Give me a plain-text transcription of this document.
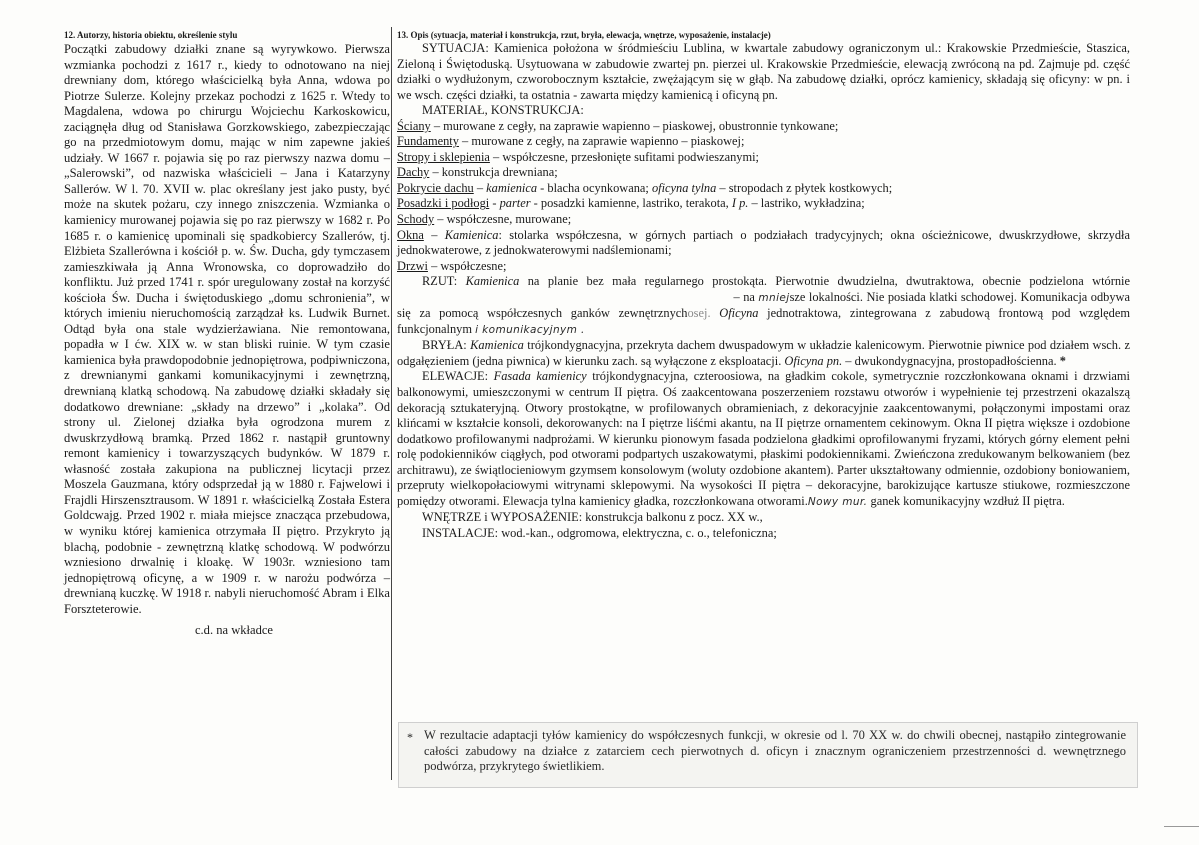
12. Autorzy, historia obiektu, określenie stylu
Początki zabudowy działki znane są wyrywkowo. Pierwsza wzmianka pochodzi z 1617 r., kiedy to odnotowano na niej drewniany dom, którego właścicielką była Anna, wdowa po Piotrze Sulerze. Kolejny przekaz pochodzi z 1625 r. Wtedy to Magdalena, wdowa po chirurgu Wojciechu Karkoskowicu, zaciągnęła dług od Stanisława Gorzkowskiego, zabezpieczając go na przedmiotowym domu, mając w nim zapewne jakieś udziały. W 1667 r. pojawia się po raz pierwszy nazwa domu – „Salerowski”, od nazwiska właścicieli – Jana i Katarzyny Sallerów. W l. 70. XVII w. plac określany jest jako pusty, być może na skutek pożaru, czy innego zniszczenia. Wzmianka o kamienicy murowanej pojawia się po raz pierwszy w 1682 r. Po 1685 r. o kamienicę upominali się spadkobiercy Szallerów, tj. Elżbieta Szallerówna i kościół p. w. Św. Ducha, gdy tymczasem zamieszkiwała ją Anna Wronowska, co doprowadziło do konfliktu. Już przed 1741 r. spór uregulowany został na korzyść kościoła Św. Ducha i świętoduskiego „domu schronienia”, w których imieniu nieruchomością zarządzał ks. Ludwik Burnet. Odtąd była ona stale wydzierżawiana. Nie remontowana, popadła w I ćw. XIX w. w stan bliski ruinie. W tym czasie kamienica była prawdopodobnie jednopiętrowa, podpiwniczona, z drewnianymi gankami komunikacyjnymi i zewnętrzną, drewnianą klatką schodową. Na zabudowę działki składały się dodatkowo drewniane: „składy na drzewo” i „kolaka”. Od strony ul. Zielonej działka była ogrodzona murem z dwuskrzydłową bramką. Przed 1862 r. nastąpił gruntowny remont kamienicy i towarzyszących budynków. W 1879 r. własność została zakupiona na publicznej licytacji przez Moszela Gauzmana, który odsprzedał ją w 1880 r. Fajwelowi i Frajdli Hirszensztrausom. W 1891 r. właścicielką Została Estera Goldcwajg. Przed 1902 r. miała miejsce znacząca przebudowa, w wyniku której kamienica otrzymała II piętro. Przykryto ją blachą, podobnie - zewnętrzną klatkę schodową. W podwórzu wzniesiono drwalnię i kloakę. W 1903r. wzniesiono tam jednopiętrową oficynę, a w 1909 r. w narożu podwórza – drewnianą kuczkę. W 1918 r. nabyli nieruchomość Abram i Elka Forszteterowie.
c.d. na wkładce
13. Opis (sytuacja, materiał i konstrukcja, rzut, bryła, elewacja, wnętrze, wyposażenie, instalacje)

SYTUACJA: Kamienica położona w śródmieściu Lublina, w kwartale zabudowy ograniczonym ul.: Krakowskie Przedmieście, Staszica, Zieloną i Świętoduską. Usytuowana w zabudowie zwartej pn. pierzei ul. Krakowskie Przedmieście, elewacją zwróconą na pd. Zajmuje pd. część działki o wydłużonym, czworobocznym kształcie, zwężającym się w głąb. Na zabudowę działki, oprócz kamienicy, składają się oficyny: w pn. i we wsch. części działki, ta ostatnia - zawarta między kamienicą i oficyną pn.

MATERIAŁ, KONSTRUKCJA:

Ściany – murowane z cegły, na zaprawie wapienno – piaskowej, obustronnie tynkowane;

Fundamenty – murowane z cegły, na zaprawie wapienno – piaskowej;

Stropy i sklepienia – współczesne, przesłonięte sufitami podwieszanymi;

Dachy – konstrukcja drewniana;

Pokrycie dachu – kamienica - blacha ocynkowana; oficyna tylna – stropodach z płytek kostkowych;

Posadzki i podłogi - parter - posadzki kamienne, lastriko, terakota, I p. – lastriko, wykładzina;

Schody – współczesne, murowane;

Okna – Kamienica: stolarka współczesna, w górnych partiach o podziałach tradycyjnych; okna ościeżnicowe, dwuskrzydłowe, skrzydła jednokwaterowe, z jednokwaterowymi nadślemionami;

Drzwi – współczesne;

RZUT: Kamienica na planie bez mała regularnego prostokąta. Pierwotnie dwudzielna, dwutraktowa, obecnie podzielona wtórnie – na mniejsze lokalności. Nie posiada klatki schodowej. Komunikacja odbywa się za pomocą współczesnych ganków zewnętrznychosej. Oficyna jednotraktowa, zintegrowana z zabudową frontową pod względem funkcjonalnym i komunikacyjnym .

BRYŁA: Kamienica trójkondygnacyjna, przekryta dachem dwuspadowym w układzie kalenicowym. Pierwotnie piwnice pod działem wsch. z odgałęzieniem (jedna piwnica) w kierunku zach. są wyłączone z eksploatacji. Oficyna pn. – dwukondygnacyjna, prostopadłościenna. *

ELEWACJE: Fasada kamienicy trójkondygnacyjna, czteroosiowa, na gładkim cokole, symetrycznie rozczłonkowana oknami i drzwiami balkonowymi, umieszczonymi w centrum II piętra. Oś zaakcentowana poszerzeniem rozstawu otworów i wypełnienie tej przestrzeni okazalszą dekoracją sztukateryjną. Otwory prostokątne, w profilowanych obramieniach, z dekoracyjnie zaakcentowanymi, połączonymi impostami oraz klińcami w kształcie konsoli, dekorowanych: na I piętrze liśćmi akantu, na II piętrze ornamentem cekinowym. Okna II piętra większe i ozdobione dodatkowo profilowanymi nadprożami. W kierunku pionowym fasada podzielona gładkimi oprofilowanymi fryzami, których górny element pełni rolę podokienników ciągłych, pod otworami podpartych uszakowatymi, płaskimi podokiennikami. Zwieńczona zredukowanym belkowaniem (bez architrawu), ze świątlocieniowym gzymsem konsolowym (woluty ozdobione akantem). Parter ukształtowany odmiennie, ozdobiony boniowaniem, przepruty wielkopołaciowymi witrynami sklepowymi. Na wysokości II piętra – dekoracyjne, barokizujące kartusze stiukowe, rozmieszczone pomiędzy otworami. Elewacja tylna kamienicy gładka, rozczłonkowana otworami.Nowy mur. ganek komunikacyjny wzdłuż II piętra.

WNĘTRZE i WYPOSAŻENIE: konstrukcja balkonu z pocz. XX w.,

INSTALACJE: wod.-kan., odgromowa, elektryczna, c. o., telefoniczna;

* W rezultacie adaptacji tyłów kamienicy do współczesnych funkcji, w okresie od l. 70 XX w. do chwili obecnej, nastąpiło zintegrowanie całości zabudowy na działce z zatarciem cech pierwotnych d. oficyn i znacznym ograniczeniem przestrzenności d. wewnętrznego podwórza, przykrytego świetlikiem.
